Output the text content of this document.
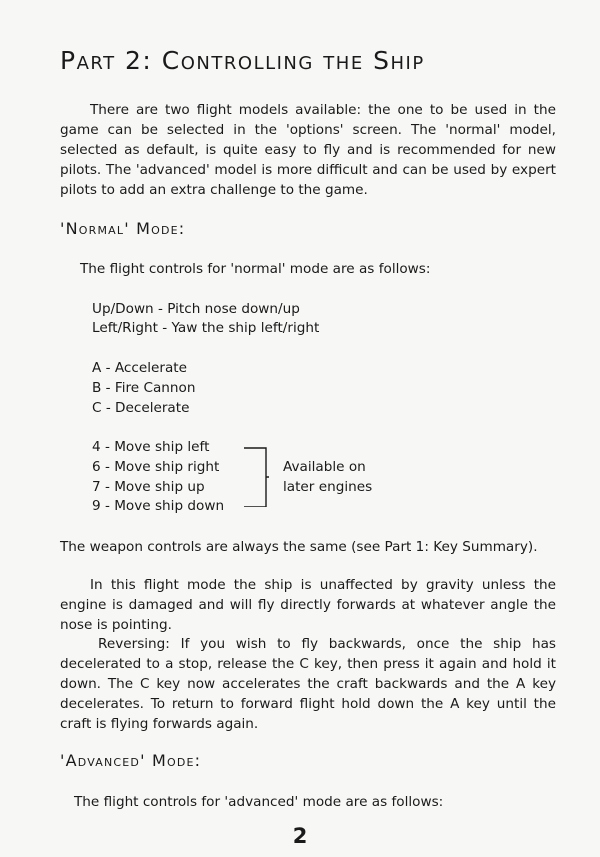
Part 2: Controlling the Ship
There are two flight models available: the one to be used in the game can be selected in the 'options' screen. The 'normal' model, selected as default, is quite easy to fly and is recommended for new pilots. The 'advanced' model is more difficult and can be used by expert pilots to add an extra challenge to the game.
'Normal' Mode:
The flight controls for 'normal' mode are as follows:
Up/Down - Pitch nose down/up
Left/Right - Yaw the ship left/right
A - Accelerate
B - Fire Cannon
C - Decelerate
4 - Move ship left
6 - Move ship right
7 - Move ship up
9 - Move ship down
Available on
later engines
The weapon controls are always the same (see Part 1: Key Summary).
In this flight mode the ship is unaffected by gravity unless the engine is damaged and will fly directly forwards at whatever angle the nose is pointing.
Reversing: If you wish to fly backwards, once the ship has decelerated to a stop, release the C key, then press it again and hold it down. The C key now accelerates the craft backwards and the A key decelerates. To return to forward flight hold down the A key until the craft is flying forwards again.
'Advanced' Mode:
The flight controls for 'advanced' mode are as follows:
2
